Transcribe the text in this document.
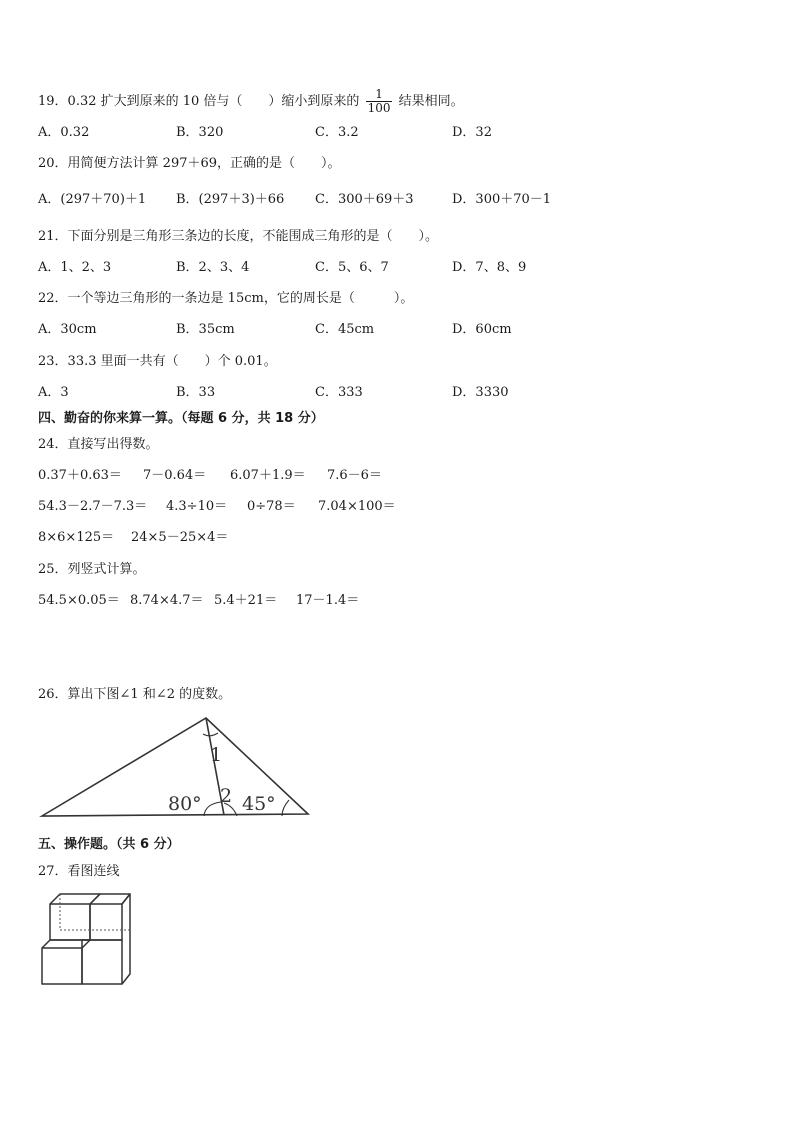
19．0.32 扩大到原来的 10 倍与（　　）缩小到原来的 $\frac{1}{100}$ 结果相同。
A．0.32	B．320	C．3.2	D．32
20．用简便方法计算 297＋69，正确的是（　　）。
A．(297＋70)＋1 B．(297＋3)＋66 C．300＋69＋3	D．300＋70－1
21．下面分别是三角形三条边的长度，不能围成三角形的是（　　）。
A．1、2、3	B．2、3、4	C．5、6、7	D．7、8、9
22．一个等边三角形的一条边是 15cm，它的周长是（　　　）。
A．30cm	B．35cm	C．45cm	D．60cm
23．33.3 里面一共有（　　）个 0.01。
A．3	B．33	C．333	D．3330
四、勤奋的你来算一算。（每题 6 分，共 18 分）
24．直接写出得数。
0.37＋0.63＝ 7－0.64＝ 6.07＋1.9＝ 7.6－6＝
54.3－2.7－7.3＝ 4.3÷10＝ 0÷78＝ 7.04×100＝
8×6×125＝ 24×5－25×4＝
25．列竖式计算。
54.5×0.05＝ 8.74×4.7＝ 5.4＋21＝ 17－1.4＝
26．算出下图∠1 和∠2 的度数。
1
80° 2 45°
五、操作题。（共 6 分）
27．看图连线
